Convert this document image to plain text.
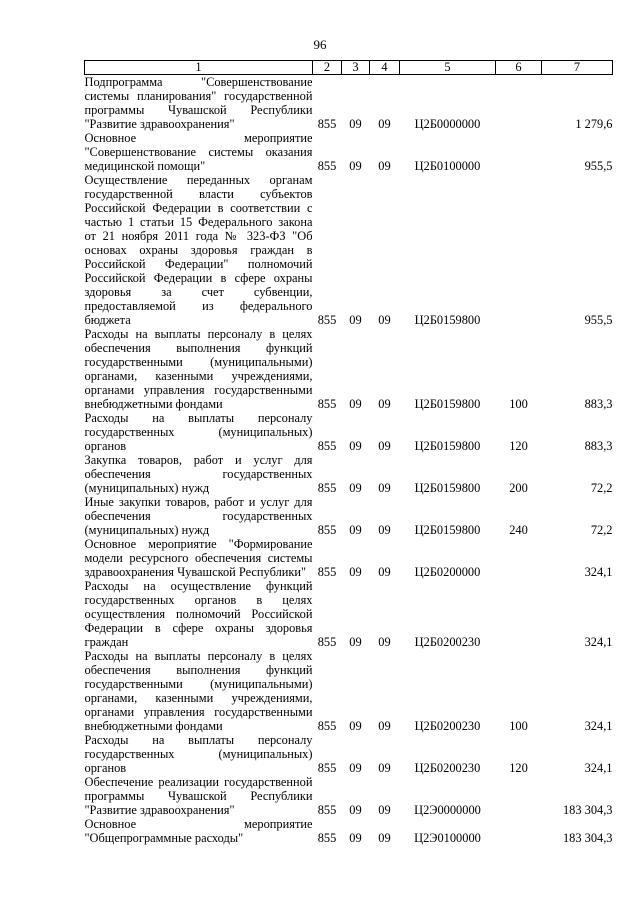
96
1	2	3	4	5	6	7
Подпрограмма "Совершенствование системы планирования" государственной программы Чувашской Республики "Развитие здравоохранения"	855	09	09	Ц2Б0000000		1 279,6
Основное мероприятие "Совершенствование системы оказания медицинской помощи"	855	09	09	Ц2Б0100000		955,5
Осуществление переданных органам государственной власти субъектов Российской Федерации в соответствии с частью 1 статьи 15 Федерального закона от 21 ноября 2011 года № 323-ФЗ "Об основах охраны здоровья граждан в Российской Федерации" полномочий Российской Федерации в сфере охраны здоровья за счет субвенции, предоставляемой из федерального бюджета	855	09	09	Ц2Б0159800		955,5
Расходы на выплаты персоналу в целях обеспечения выполнения функций государственными (муниципальными) органами, казенными учреждениями, органами управления государственными внебюджетными фондами	855	09	09	Ц2Б0159800	100	883,3
Расходы на выплаты персоналу государственных (муниципальных) органов	855	09	09	Ц2Б0159800	120	883,3
Закупка товаров, работ и услуг для обеспечения государственных (муниципальных) нужд	855	09	09	Ц2Б0159800	200	72,2
Иные закупки товаров, работ и услуг для обеспечения государственных (муниципальных) нужд	855	09	09	Ц2Б0159800	240	72,2
Основное мероприятие "Формирование модели ресурсного обеспечения системы здравоохранения Чувашской Республики"	855	09	09	Ц2Б0200000		324,1
Расходы на осуществление функций государственных органов в целях осуществления полномочий Российской Федерации в сфере охраны здоровья граждан	855	09	09	Ц2Б0200230		324,1
Расходы на выплаты персоналу в целях обеспечения выполнения функций государственными (муниципальными) органами, казенными учреждениями, органами управления государственными внебюджетными фондами	855	09	09	Ц2Б0200230	100	324,1
Расходы на выплаты персоналу государственных (муниципальных) органов	855	09	09	Ц2Б0200230	120	324,1
Обеспечение реализации государственной программы Чувашской Республики "Развитие здравоохранения"	855	09	09	Ц2Э0000000		183 304,3
Основное мероприятие "Общепрограммные расходы"	855	09	09	Ц2Э0100000		183 304,3
